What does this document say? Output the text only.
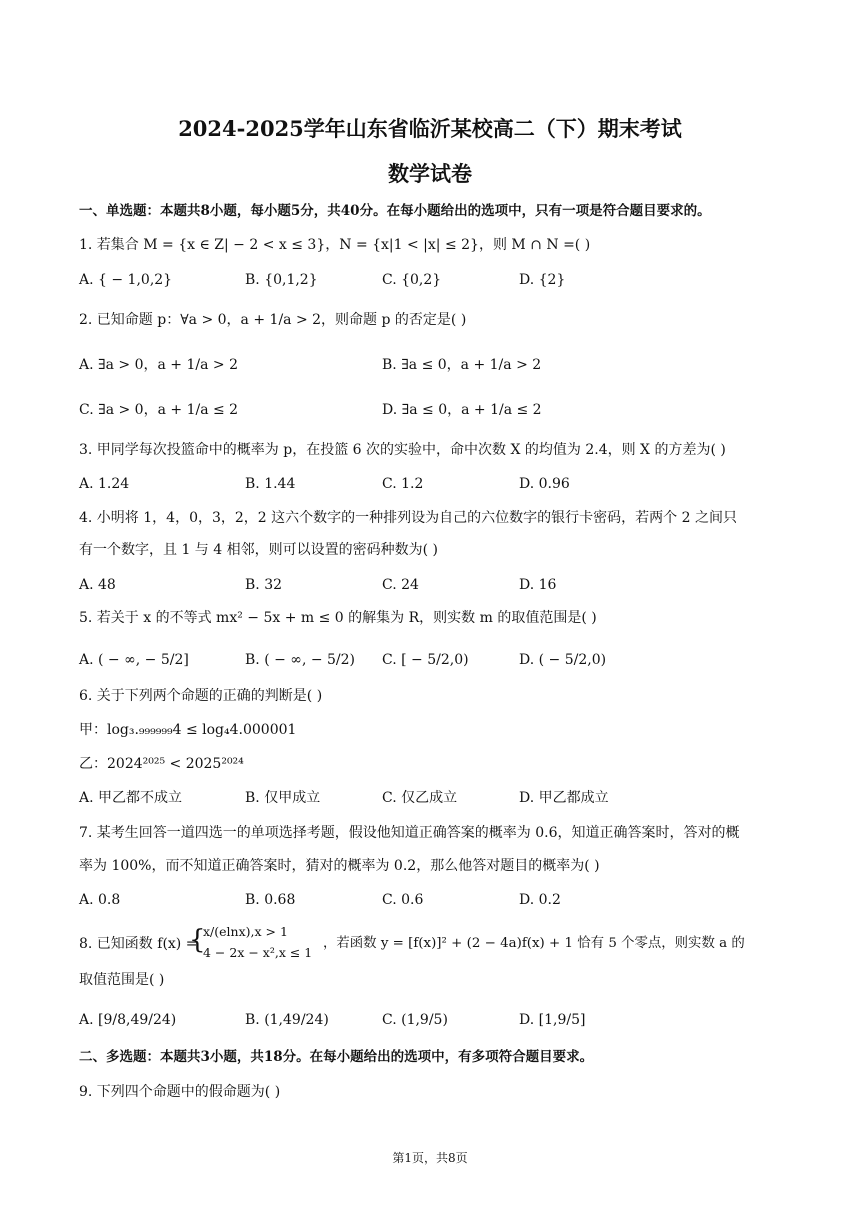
2024-2025学年山东省临沂某校高二（下）期末考试
数学试卷
一、单选题：本题共8小题，每小题5分，共40分。在每小题给出的选项中，只有一项是符合题目要求的。
1. 若集合 M = {x ∈ Z| − 2 < x ≤ 3}，N = {x|1 < |x| ≤ 2}，则 M ∩ N =( )
A. { − 1,0,2}	B. {0,1,2}	C. {0,2}	D. {2}
2. 已知命题 p：∀a > 0，a + 1/a > 2，则命题 p 的否定是( )
A. ∃a > 0，a + 1/a > 2	B. ∃a ≤ 0，a + 1/a > 2
C. ∃a > 0，a + 1/a ≤ 2	D. ∃a ≤ 0，a + 1/a ≤ 2
3. 甲同学每次投篮命中的概率为 p，在投篮 6 次的实验中，命中次数 X 的均值为 2.4，则 X 的方差为( )
A. 1.24	B. 1.44	C. 1.2	D. 0.96
4. 小明将 1，4，0，3，2，2 这六个数字的一种排列设为自己的六位数字的银行卡密码，若两个 2 之间只
有一个数字，且 1 与 4 相邻，则可以设置的密码种数为( )
A. 48	B. 32	C. 24	D. 16
5. 若关于 x 的不等式 mx² − 5x + m ≤ 0 的解集为 R，则实数 m 的取值范围是( )
A. ( − ∞, − 5/2]	B. ( − ∞, − 5/2) C. [ − 5/2,0)	D. ( − 5/2,0)
6. 关于下列两个命题的正确的判断是( )
甲：log₃.₉₉₉₉₉₉4 ≤ log₄4.000001
乙：2024²⁰²⁵ < 2025²⁰²⁴
A. 甲乙都不成立	B. 仅甲成立	C. 仅乙成立	D. 甲乙都成立
7. 某考生回答一道四选一的单项选择考题，假设他知道正确答案的概率为 0.6，知道正确答案时，答对的概
率为 100%，而不知道正确答案时，猜对的概率为 0.2，那么他答对题目的概率为( )
A. 0.8	B. 0.68	C. 0.6	D. 0.2
8. 已知函数 f(x) =
{
x/(elnx),x > 1
4 − 2x − x²,x ≤ 1
，若函数 y = [f(x)]² + (2 − 4a)f(x) + 1 恰有 5 个零点，则实数 a 的
取值范围是( )
A. [9/8,49/24)	B. (1,49/24)	C. (1,9/5)	D. [1,9/5]
二、多选题：本题共3小题，共18分。在每小题给出的选项中，有多项符合题目要求。
9. 下列四个命题中的假命题为( )
第1页，共8页
